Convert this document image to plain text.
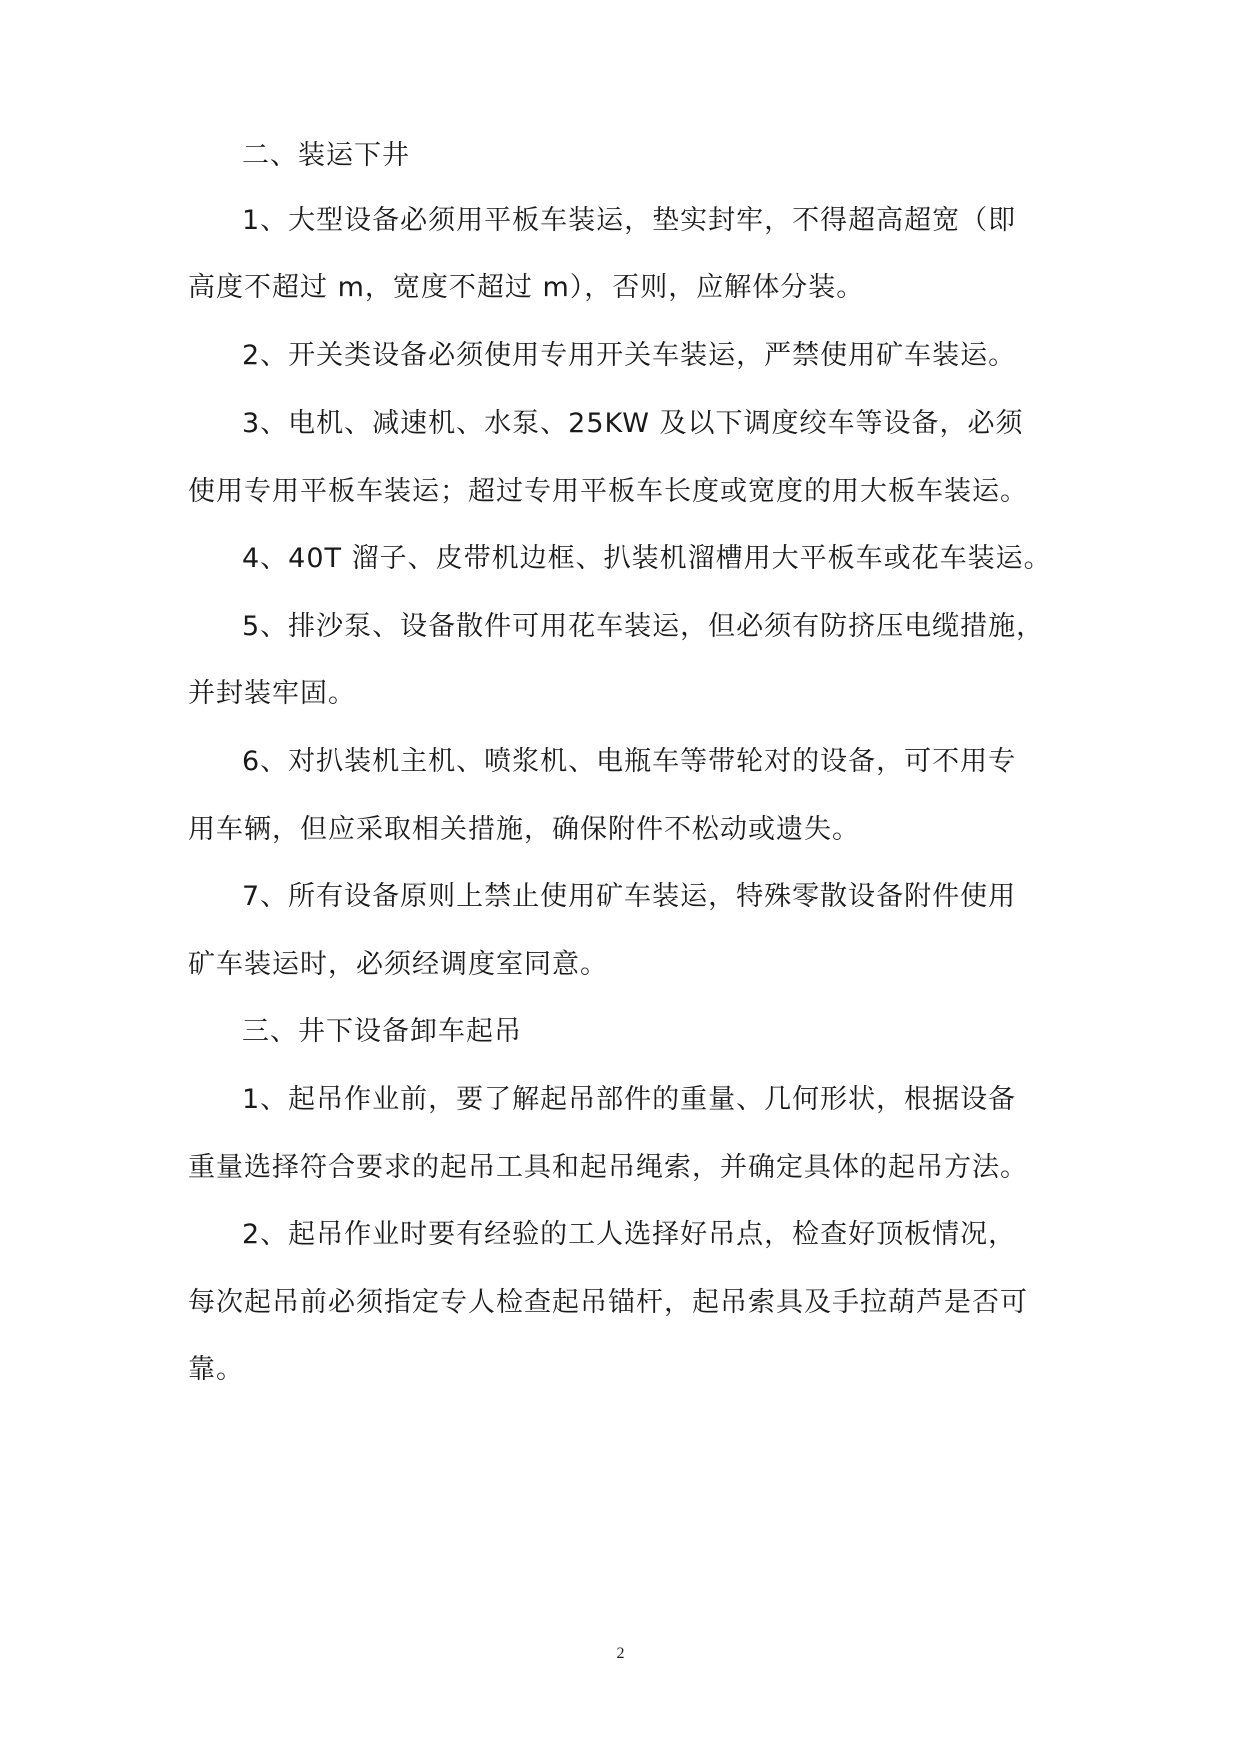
二、装运下井
1、大型设备必须用平板车装运，垫实封牢，不得超高超宽（即
高度不超过 m，宽度不超过 m），否则，应解体分装。
2、开关类设备必须使用专用开关车装运，严禁使用矿车装运。
3、电机、减速机、水泵、25KW 及以下调度绞车等设备，必须
使用专用平板车装运；超过专用平板车长度或宽度的用大板车装运。
4、40T 溜子、皮带机边框、扒装机溜槽用大平板车或花车装运。
5、排沙泵、设备散件可用花车装运，但必须有防挤压电缆措施，
并封装牢固。
6、对扒装机主机、喷浆机、电瓶车等带轮对的设备，可不用专
用车辆，但应采取相关措施，确保附件不松动或遗失。
7、所有设备原则上禁止使用矿车装运，特殊零散设备附件使用
矿车装运时，必须经调度室同意。
三、井下设备卸车起吊
1、起吊作业前，要了解起吊部件的重量、几何形状，根据设备
重量选择符合要求的起吊工具和起吊绳索，并确定具体的起吊方法。
2、起吊作业时要有经验的工人选择好吊点，检查好顶板情况，
每次起吊前必须指定专人检查起吊锚杆，起吊索具及手拉葫芦是否可
靠。
2
